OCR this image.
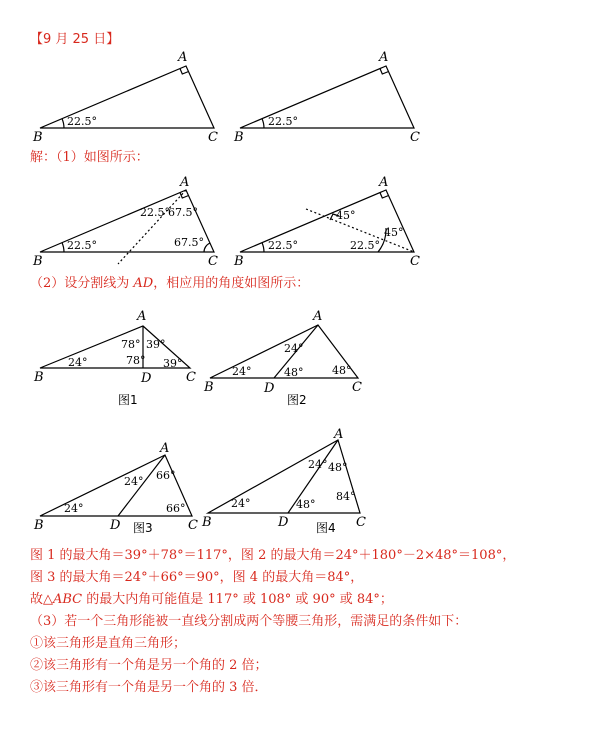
【9 月 25 日】
A
B	C
22.5°
A
B	C
22.5°
解：（1）如图所示：
A
B	C
22.5°
22.5°
67.5°
67.5°
A
B	C
22.5°
45°
45°
22.5°
（2）设分割线为 AD，相应用的角度如图所示：
A
B	C
D
24°
78° 39°
78° 39°
图1
A
B	C
D
24°
24°
48°	48°
图2
A
B	C
D
24°
24° 66°
66°
图3
A
B	C
D
24°
24° 48°
48°
84°
图4
图 1 的最大角＝39°＋78°＝117°，图 2 的最大角＝24°＋180°－2×48°＝108°，
图 3 的最大角＝24°＋66°＝90°，图 4 的最大角＝84°，
故△ABC 的最大内角可能值是 117° 或 108° 或 90° 或 84°；
（3）若一个三角形能被一直线分割成两个等腰三角形，需满足的条件如下：
①该三角形是直角三角形；
②该三角形有一个角是另一个角的 2 倍；
③该三角形有一个角是另一个角的 3 倍．
